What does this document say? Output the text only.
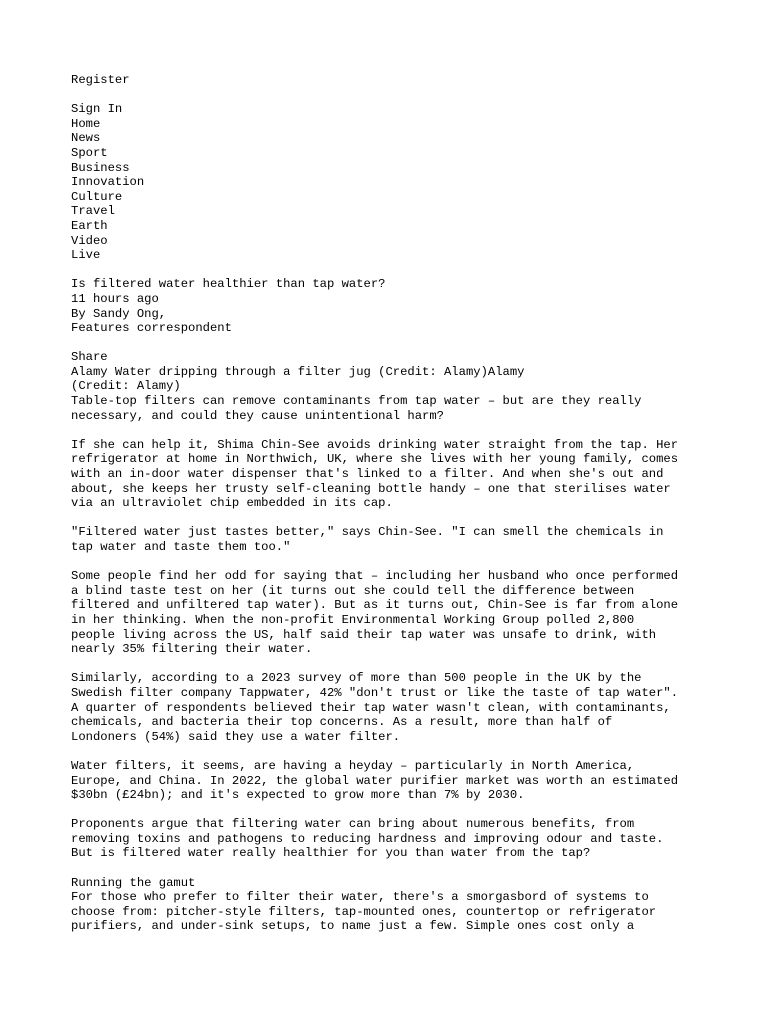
Register
Sign In
Home
News
Sport
Business
Innovation
Culture
Travel
Earth
Video
Live
Is filtered water healthier than tap water?
11 hours ago
By Sandy Ong,
Features correspondent
Share
Alamy Water dripping through a filter jug (Credit: Alamy)Alamy
(Credit: Alamy)

Table-top filters can remove contaminants from tap water – but are they really
necessary, and could they cause unintentional harm?

If she can help it, Shima Chin-See avoids drinking water straight from the tap. Her
refrigerator at home in Northwich, UK, where she lives with her young family, comes
with an in-door water dispenser that's linked to a filter. And when she's out and
about, she keeps her trusty self-cleaning bottle handy – one that sterilises water
via an ultraviolet chip embedded in its cap.

"Filtered water just tastes better," says Chin-See. "I can smell the chemicals in
tap water and taste them too."

Some people find her odd for saying that – including her husband who once performed
a blind taste test on her (it turns out she could tell the difference between
filtered and unfiltered tap water). But as it turns out, Chin-See is far from alone
in her thinking. When the non-profit Environmental Working Group polled 2,800
people living across the US, half said their tap water was unsafe to drink, with
nearly 35% filtering their water.

Similarly, according to a 2023 survey of more than 500 people in the UK by the
Swedish filter company Tappwater, 42% "don't trust or like the taste of tap water".
A quarter of respondents believed their tap water wasn't clean, with contaminants,
chemicals, and bacteria their top concerns. As a result, more than half of
Londoners (54%) said they use a water filter.

Water filters, it seems, are having a heyday – particularly in North America,
Europe, and China. In 2022, the global water purifier market was worth an estimated
$30bn (£24bn); and it's expected to grow more than 7% by 2030.

Proponents argue that filtering water can bring about numerous benefits, from
removing toxins and pathogens to reducing hardness and improving odour and taste.
But is filtered water really healthier for you than water from the tap?

Running the gamut

For those who prefer to filter their water, there's a smorgasbord of systems to
choose from: pitcher-style filters, tap-mounted ones, countertop or refrigerator
purifiers, and under-sink setups, to name just a few. Simple ones cost only a
